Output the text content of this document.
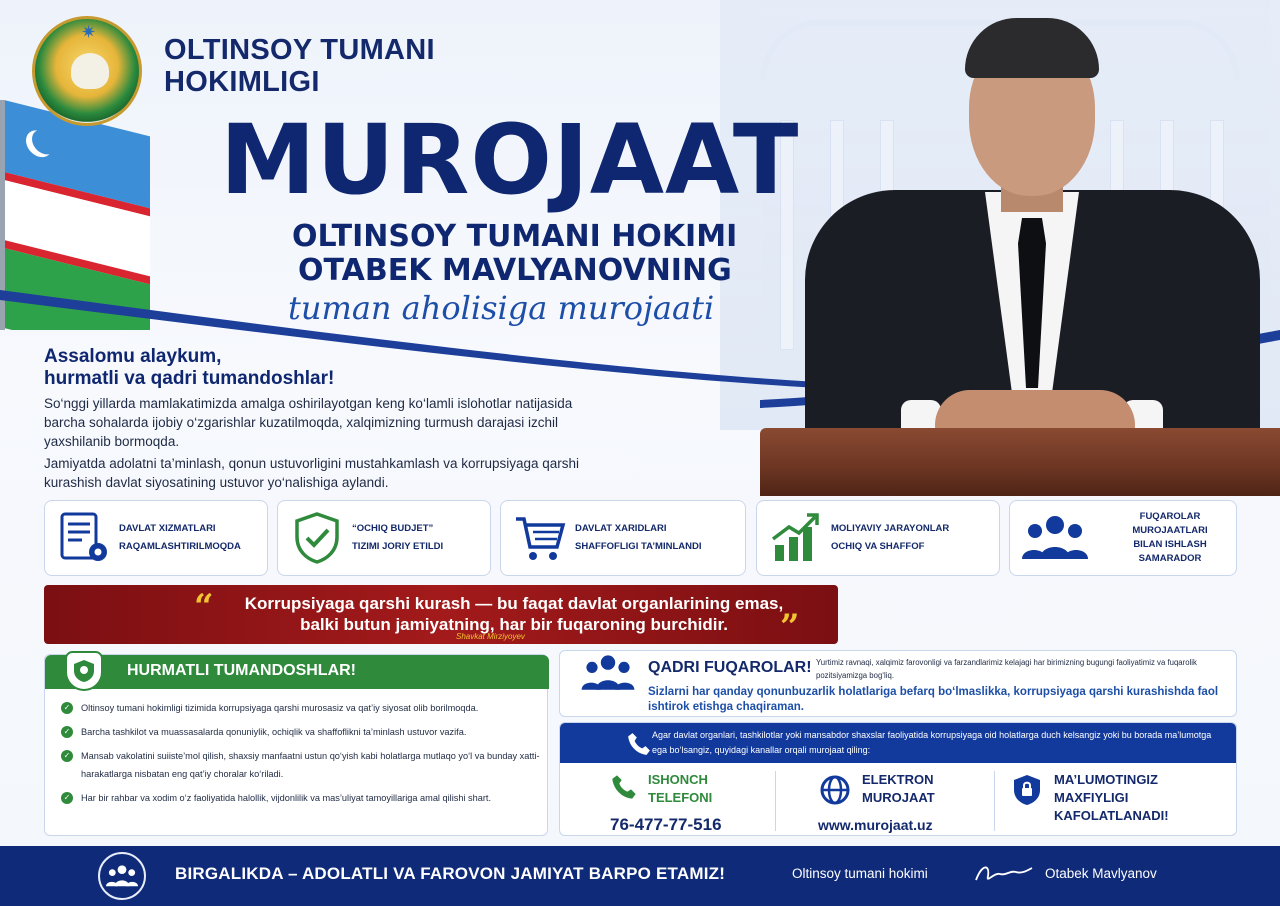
✷
OLTINSOY TUMANI
HOKIMLIGI
MUROJAAT
OLTINSOY TUMANI HOKIMI
OTABEK MAVLYANOVNING
tuman aholisiga murojaati
Assalomu alaykum,
hurmatli va qadri tumandoshlar!
So‘nggi yillarda mamlakatimizda amalga oshirilayotgan keng ko‘lamli islohotlar natijasida barcha sohalarda ijobiy o‘zgarishlar kuzatilmoqda, xalqimizning turmush darajasi izchil yaxshilanib bormoqda.
Jamiyatda adolatni ta’minlash, qonun ustuvorligini mustahkamlash va korrupsiyaga qarshi kurashish davlat siyosatining ustuvor yo‘nalishiga aylandi.
DAVLAT XIZMATLARI
RAQAMLASHTIRILMOQDA
“OCHIQ BUDJET”
TIZIMI JORIY ETILDI
DAVLAT XARIDLARI
SHAFFOFLIGI TA’MINLANDI
MOLIYAVIY JARAYONLAR
OCHIQ VA SHAFFOF
FUQAROLAR
MUROJAATLARI
BILAN ISHLASH SAMARADOR
“	Korrupsiyaga qarshi kurash — bu faqat davlat organlarining emas,
balki butun jamiyatning, har bir fuqaroning burchidir.
Shavkat Mirziyoyev	”
HURMATLI TUMANDOSHLAR!
✓ Oltinsoy tumani hokimligi tizimida korrupsiyaga qarshi murosasiz va qat’iy siyosat olib borilmoqda.
✓ Barcha tashkilot va muassasalarda qonuniylik, ochiqlik va shaffoflikni ta’minlash ustuvor vazifa.
✓ Mansab vakolatini suiiste’mol qilish, shaxsiy manfaatni ustun qo‘yish kabi holatlarga mutlaqo yo‘l va bunday xatti-harakatlarga nisbatan eng qat’iy choralar ko‘riladi.
✓ Har bir rahbar va xodim o‘z faoliyatida halollik, vijdonlilik va mas’uliyat tamoyillariga amal qilishi shart.
QADRI FUQAROLAR! Yurtimiz ravnaqi, xalqimiz farovonligi va farzandlarimiz kelajagi har birimizning bugungi faoliyatimiz va fuqarolik pozitsiyamizga bog‘liq.
Sizlarni har qanday qonunbuzarlik holatlariga befarq bo‘lmaslikka, korrupsiyaga qarshi kurashishda faol ishtirok etishga chaqiraman.
Agar davlat organlari, tashkilotlar yoki mansabdor shaxslar faoliyatida korrupsiyaga oid holatlarga duch kelsangiz yoki bu borada ma’lumotga ega bo‘lsangiz, quyidagi kanallar orqali murojaat qiling:
ISHONCH
TELEFONI
76-477-77-516
ELEKTRON
MUROJAAT
www.murojaat.uz
MA’LUMOTINGIZ
MAXFIYLIGI
KAFOLATLANADI!
BIRGALIKDA – ADOLATLI VA FAROVON JAMIYAT BARPO ETAMIZ!	Oltinsoy tumani hokimi	Otabek Mavlyanov
